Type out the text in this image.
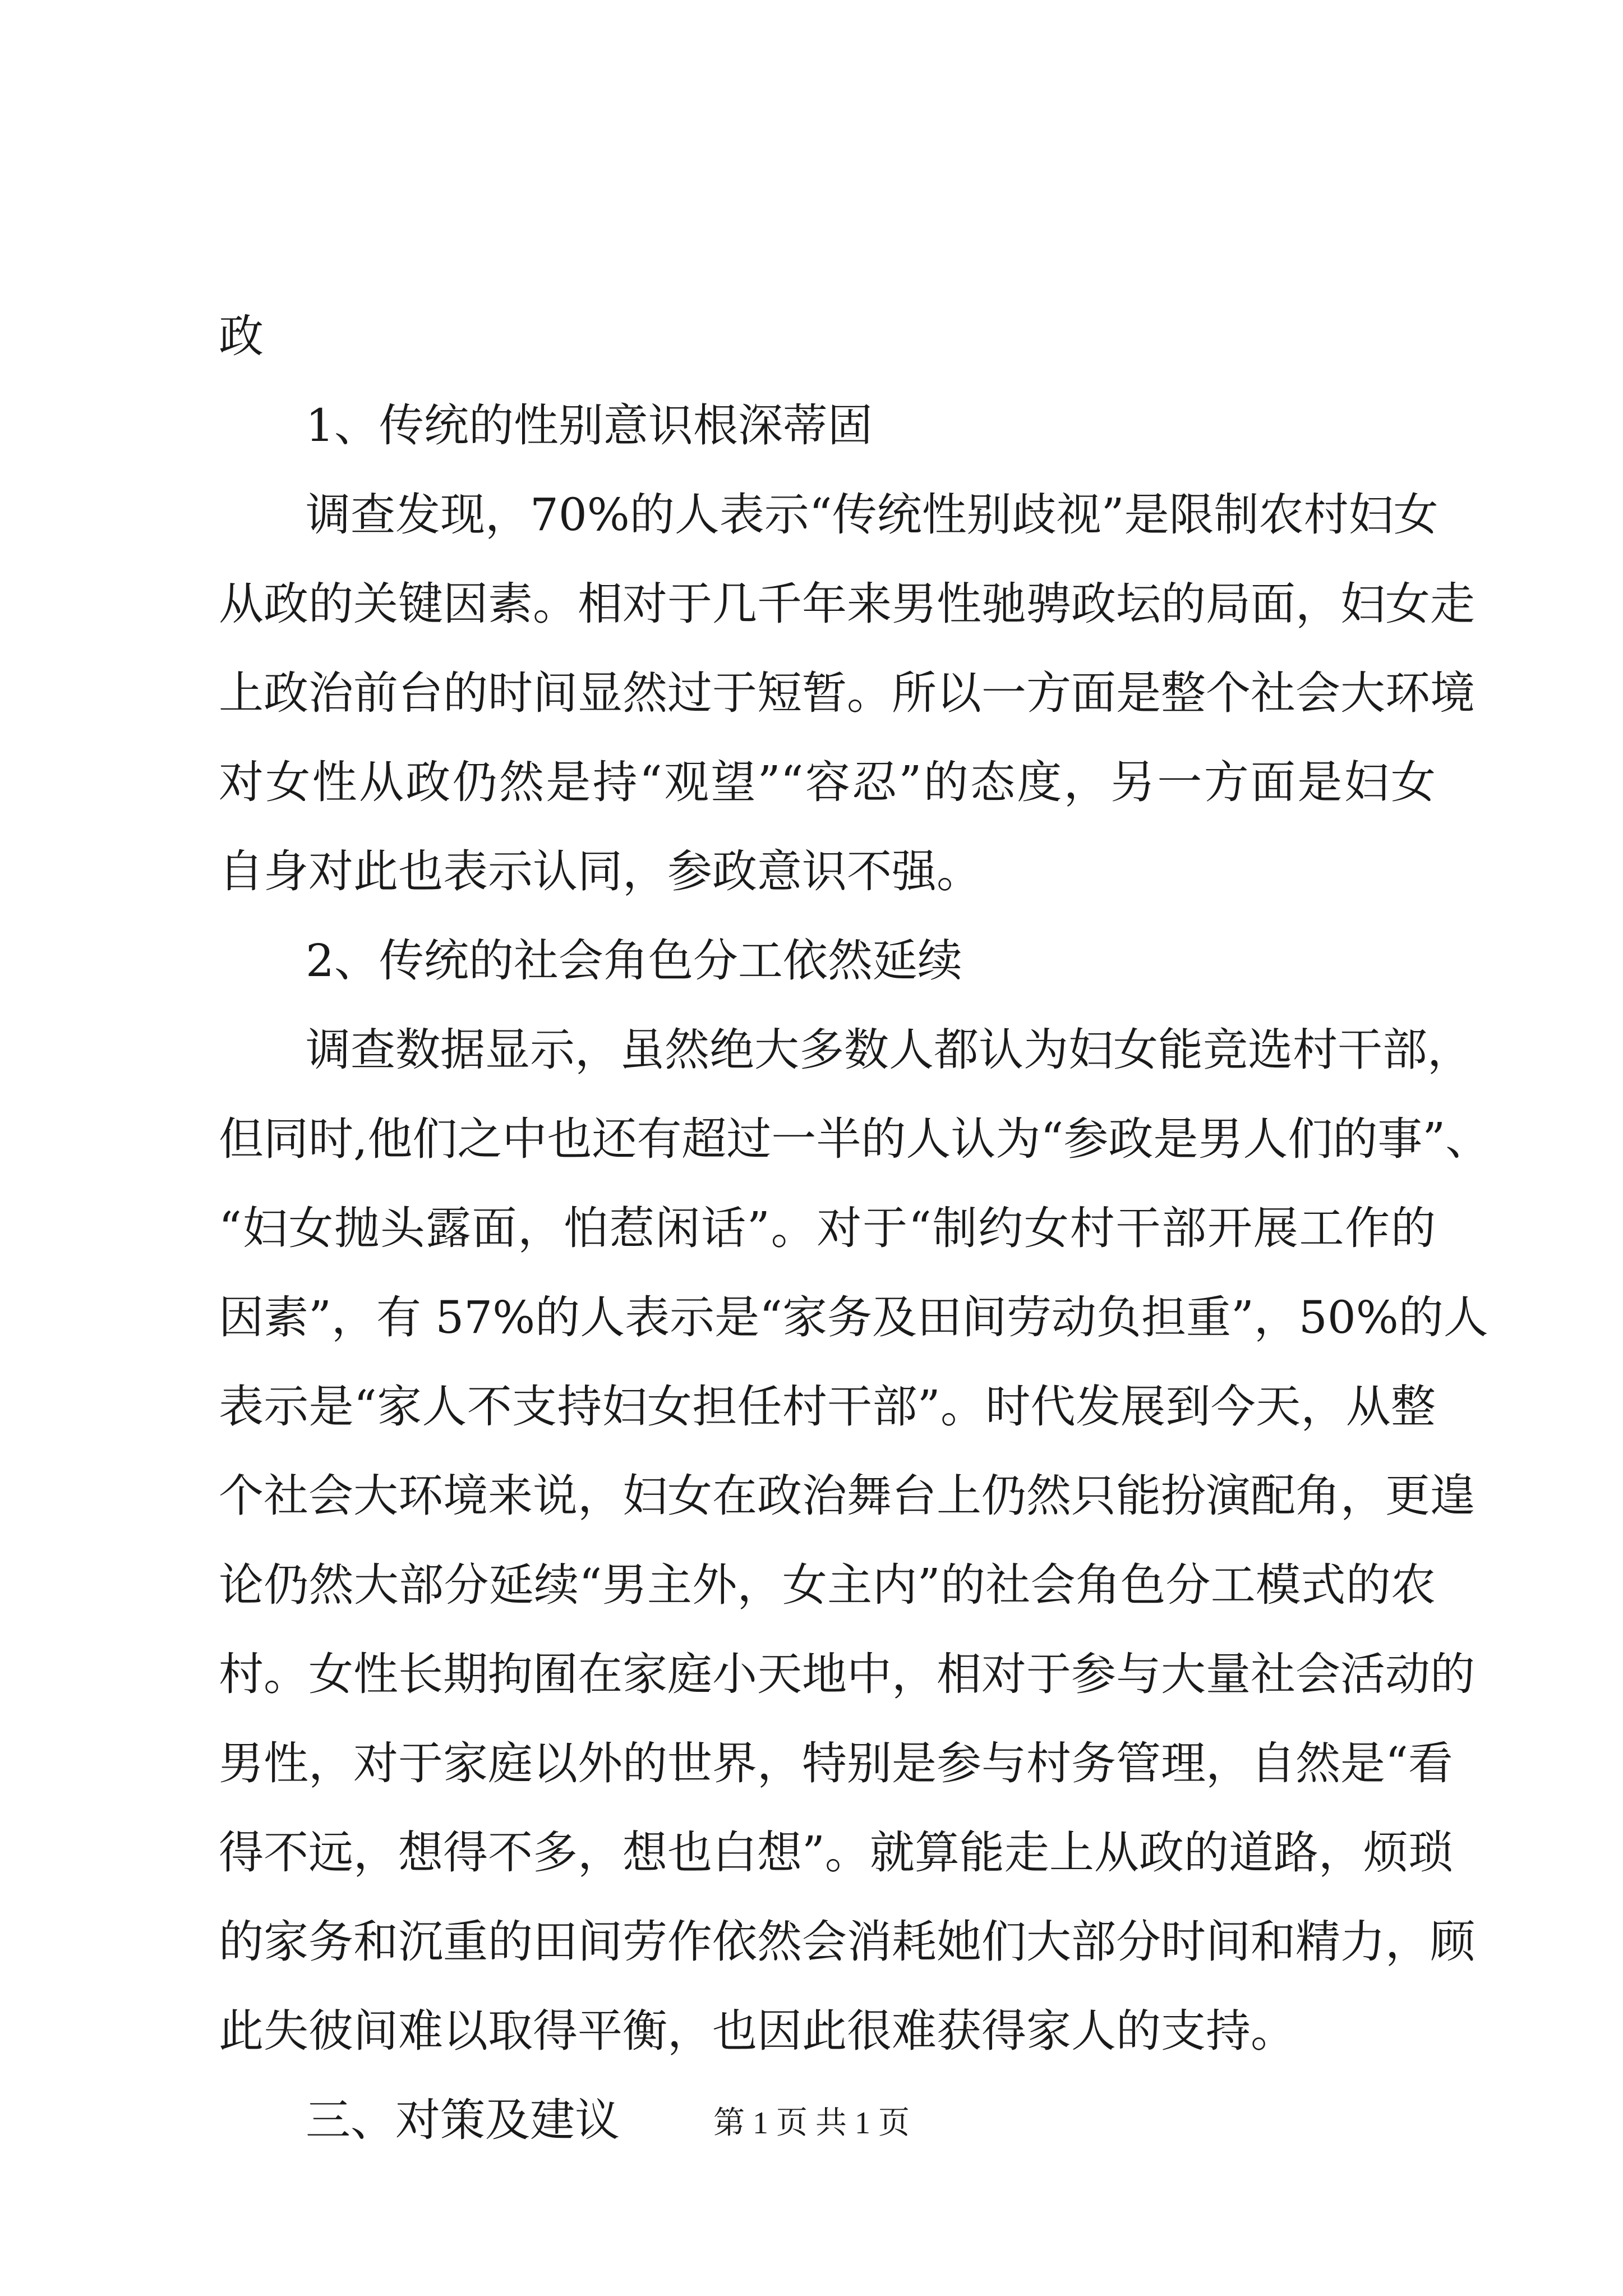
政
1、传统的性别意识根深蒂固
调查发现，70%的人表示“传统性别歧视”是限制农村妇女
从政的关键因素。相对于几千年来男性驰骋政坛的局面，妇女走
上政治前台的时间显然过于短暂。所以一方面是整个社会大环境
对女性从政仍然是持“观望”“容忍”的态度，另一方面是妇女
自身对此也表示认同，参政意识不强。
2、传统的社会角色分工依然延续
调查数据显示，虽然绝大多数人都认为妇女能竞选村干部，
但同时,他们之中也还有超过一半的人认为“参政是男人们的事”、
“妇女抛头露面，怕惹闲话”。对于“制约女村干部开展工作的
因素”，有 57%的人表示是“家务及田间劳动负担重”，50%的人
表示是“家人不支持妇女担任村干部”。时代发展到今天，从整
个社会大环境来说，妇女在政治舞台上仍然只能扮演配角，更遑
论仍然大部分延续“男主外，女主内”的社会角色分工模式的农
村。女性长期拘囿在家庭小天地中，相对于参与大量社会活动的
男性，对于家庭以外的世界，特别是参与村务管理，自然是“看
得不远，想得不多，想也白想”。就算能走上从政的道路，烦琐
的家务和沉重的田间劳作依然会消耗她们大部分时间和精力，顾
此失彼间难以取得平衡，也因此很难获得家人的支持。
三、对策及建议	第 1 页 共 1 页
